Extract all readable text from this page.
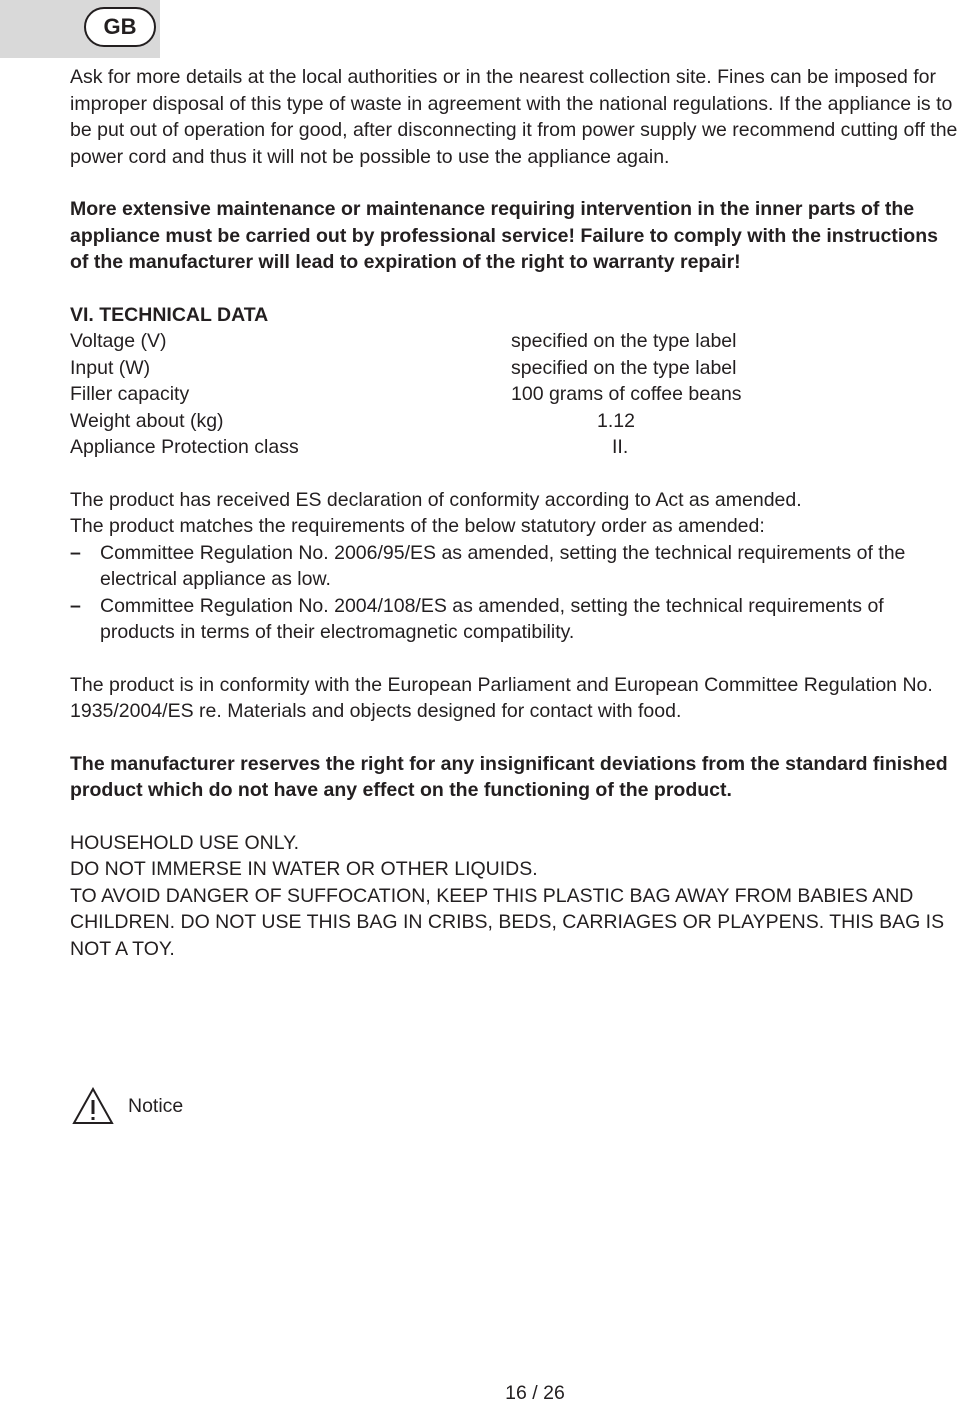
GB

Ask for more details at the local authorities or in the nearest collection site. Fines can be imposed for improper disposal of this type of waste in agreement with the national regulations. If the appliance is to be put out of operation for good, after disconnecting it from power supply we recommend cutting off the power cord and thus it will not be possible to use the appliance again.

More extensive maintenance or maintenance requiring intervention in the inner parts of the appliance must be carried out by professional service! Failure to comply with the instructions of the manufacturer will lead to expiration of the right to warranty repair!

VI. TECHNICAL DATA

Voltage (V)	specified on the type label
Input (W)	specified on the type label
Filler capacity	100 grams of coffee beans
Weight about (kg)	1.12
Appliance Protection class	II.

The product has received ES declaration of conformity according to Act as amended.

The product matches the requirements of the below statutory order as amended:

– Committee Regulation No. 2006/95/ES as amended, setting the technical requirements of the electrical appliance as low.
– Committee Regulation No. 2004/108/ES as amended, setting the technical requirements of products in terms of their electromagnetic compatibility.

The product is in conformity with the European Parliament and European Committee Regulation No. 1935/2004/ES re. Materials and objects designed for contact with food.

The manufacturer reserves the right for any insignificant deviations from the standard finished product which do not have any effect on the functioning of the product.

HOUSEHOLD USE ONLY.

DO NOT IMMERSE IN WATER OR OTHER LIQUIDS.

TO AVOID DANGER OF SUFFOCATION, KEEP THIS PLASTIC BAG AWAY FROM BABIES AND CHILDREN. DO NOT USE THIS BAG IN CRIBS, BEDS, CARRIAGES OR PLAYPENS. THIS BAG IS NOT A TOY.

Notice
16 / 26
